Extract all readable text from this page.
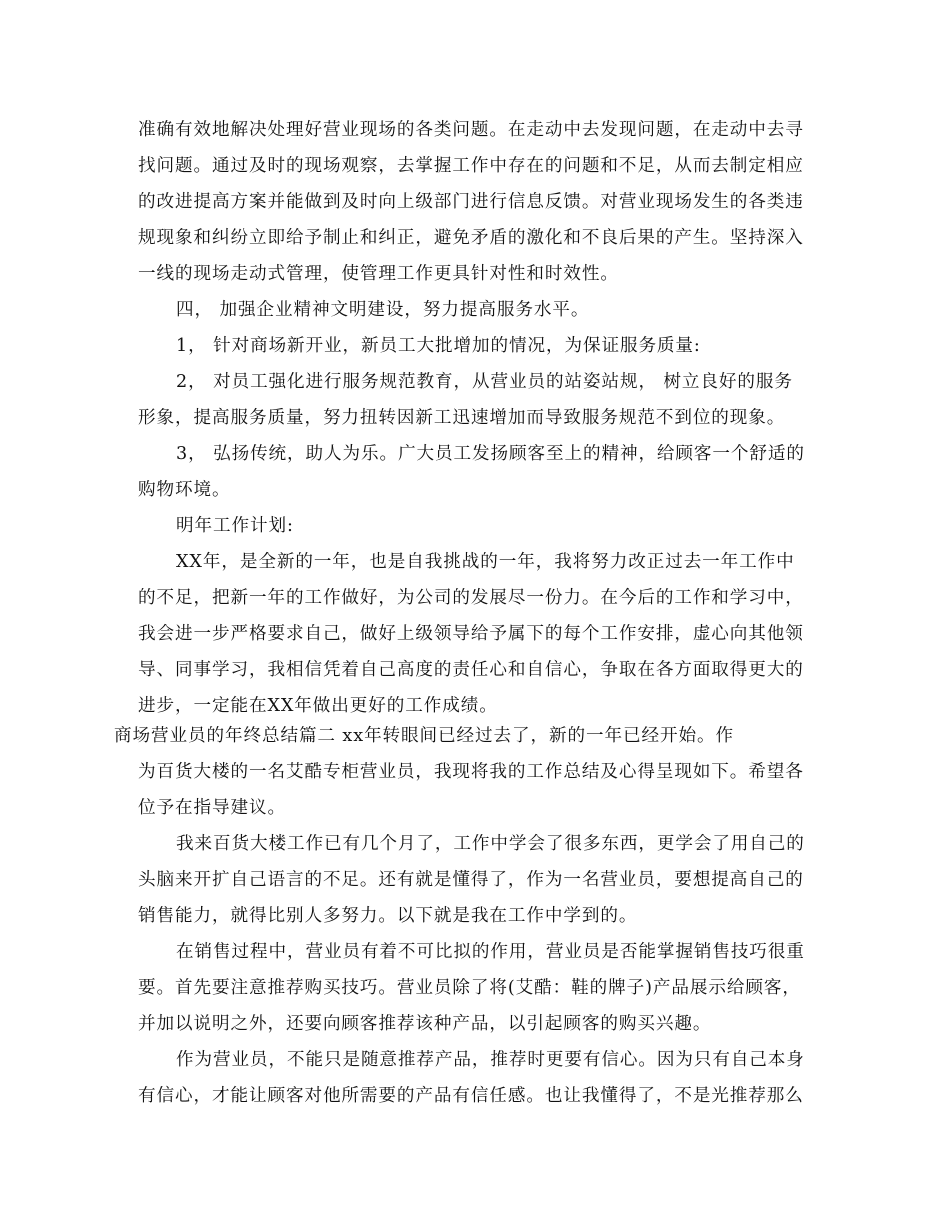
准确有效地解决处理好营业现场的各类问题。在走动中去发现问题，在走动中去寻
找问题。通过及时的现场观察，去掌握工作中存在的问题和不足，从而去制定相应
的改进提高方案并能做到及时向上级部门进行信息反馈。对营业现场发生的各类违
规现象和纠纷立即给予制止和纠正，避免矛盾的激化和不良后果的产生。坚持深入
一线的现场走动式管理，使管理工作更具针对性和时效性。
四， 加强企业精神文明建设，努力提高服务水平。
1， 针对商场新开业，新员工大批增加的情况，为保证服务质量:
2， 对员工强化进行服务规范教育，从营业员的站姿站规， 树立良好的服务
形象，提高服务质量，努力扭转因新工迅速增加而导致服务规范不到位的现象。
3， 弘扬传统，助人为乐。广大员工发扬顾客至上的精神，给顾客一个舒适的
购物环境。
明年工作计划:
XX年，是全新的一年，也是自我挑战的一年，我将努力改正过去一年工作中
的不足，把新一年的工作做好，为公司的发展尽一份力。在今后的工作和学习中，
我会进一步严格要求自己，做好上级领导给予属下的每个工作安排，虚心向其他领
导、同事学习，我相信凭着自己高度的责任心和自信心，争取在各方面取得更大的
进步，一定能在XX年做出更好的工作成绩。
商场营业员的年终总结篇二 xx年转眼间已经过去了，新的一年已经开始。作
为百货大楼的一名艾酷专柜营业员，我现将我的工作总结及心得呈现如下。希望各
位予在指导建议。
我来百货大楼工作已有几个月了，工作中学会了很多东西，更学会了用自己的
头脑来开扩自己语言的不足。还有就是懂得了，作为一名营业员，要想提高自己的
销售能力，就得比别人多努力。以下就是我在工作中学到的。
在销售过程中，营业员有着不可比拟的作用，营业员是否能掌握销售技巧很重
要。首先要注意推荐购买技巧。营业员除了将(艾酷：鞋的牌子)产品展示给顾客，
并加以说明之外，还要向顾客推荐该种产品，以引起顾客的购买兴趣。
作为营业员，不能只是随意推荐产品，推荐时更要有信心。因为只有自己本身
有信心，才能让顾客对他所需要的产品有信任感。也让我懂得了，不是光推荐那么
